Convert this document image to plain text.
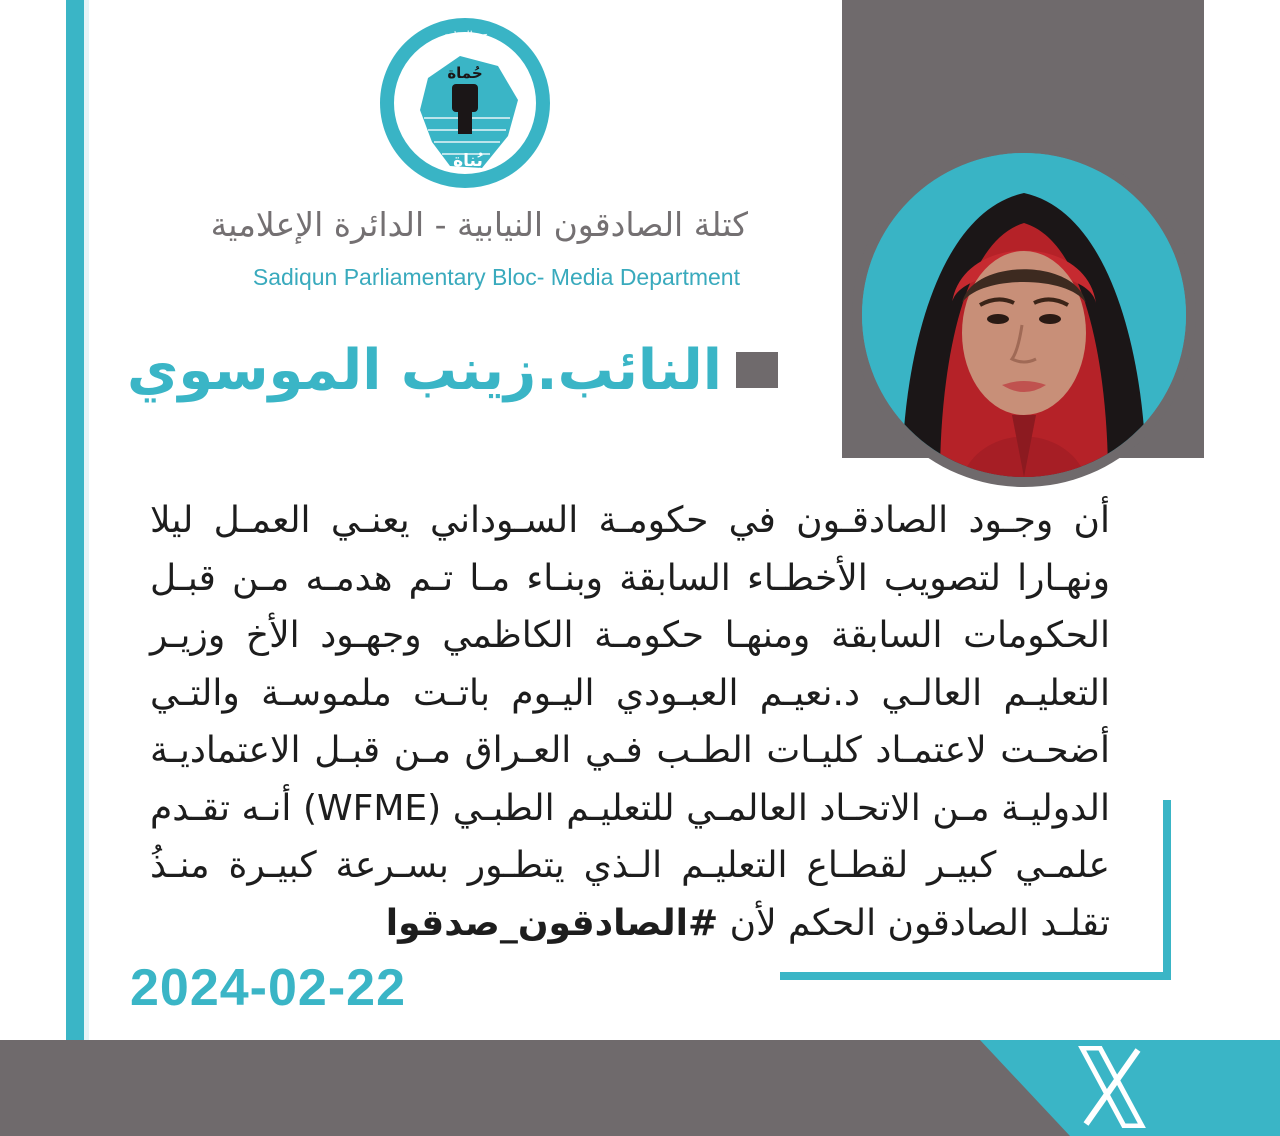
حركة الصادقون
حُماة
بُناة
كتلة الصادقون النيابية - الدائرة الإعلامية
Sadiqun Parliamentary Bloc- Media Department
النائب.زينب الموسوي
أن وجـود الصادقـون في حكومـة السـوداني يعنـي العمـل ليلا ونهـارا لتصويب الأخطـاء السابقة وبنـاء مـا تـم هدمـه مـن قبـل الحكومات السابقة ومنهـا حكومـة الكاظمي وجهـود الأخ وزيـر التعليـم العالـي د.نعيـم العبـودي اليـوم باتـت ملموسـة والتـي أضحـت لاعتمـاد كليـات الطـب فـي العـراق مـن قبـل الاعتماديـة الدوليـة مـن الاتحـاد العالمـي للتعليـم الطبـي (WFME) أنـه تقـدم علمـي كبيـر لقطـاع التعليـم الـذي يتطـور بسـرعة كبيـرة منـذُ تقلـد الصادقون الحكم لأن #الصادقون_صدقوا
2024-02-22
